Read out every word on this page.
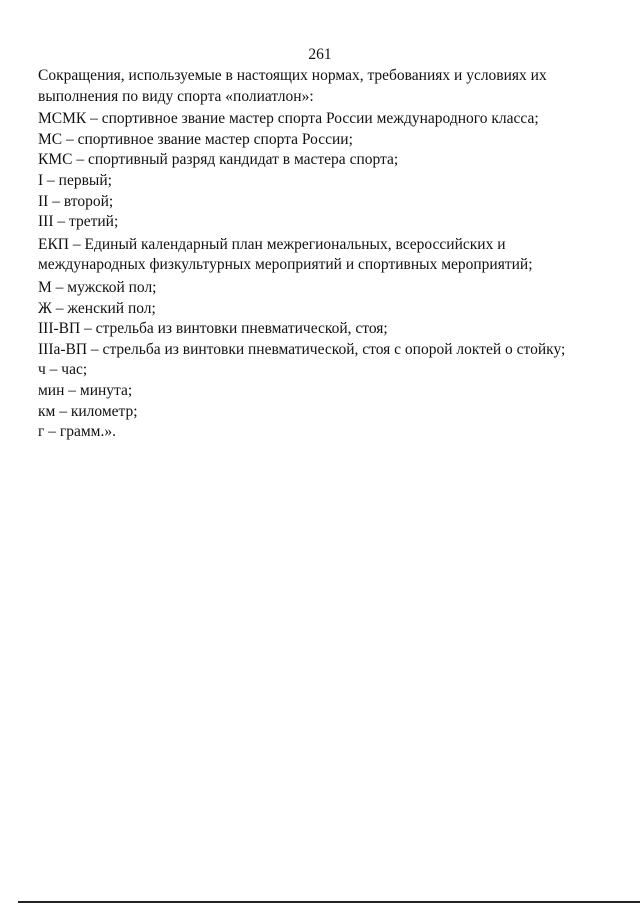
261
Сокращения, используемые в настоящих нормах, требованиях и условиях их
выполнения по виду спорта «полиатлон»:
МСМК – спортивное звание мастер спорта России международного класса;
МС – спортивное звание мастер спорта России;
КМС – спортивный разряд кандидат в мастера спорта;
I – первый;
II – второй;
III – третий;
ЕКП – Единый календарный план межрегиональных, всероссийских и
международных физкультурных мероприятий и спортивных мероприятий;
М – мужской пол;
Ж – женский пол;
III-ВП – стрельба из винтовки пневматической, стоя;
IIIа-ВП – стрельба из винтовки пневматической, стоя с опорой локтей о стойку;
ч – час;
мин – минута;
км – километр;
г – грамм.».
